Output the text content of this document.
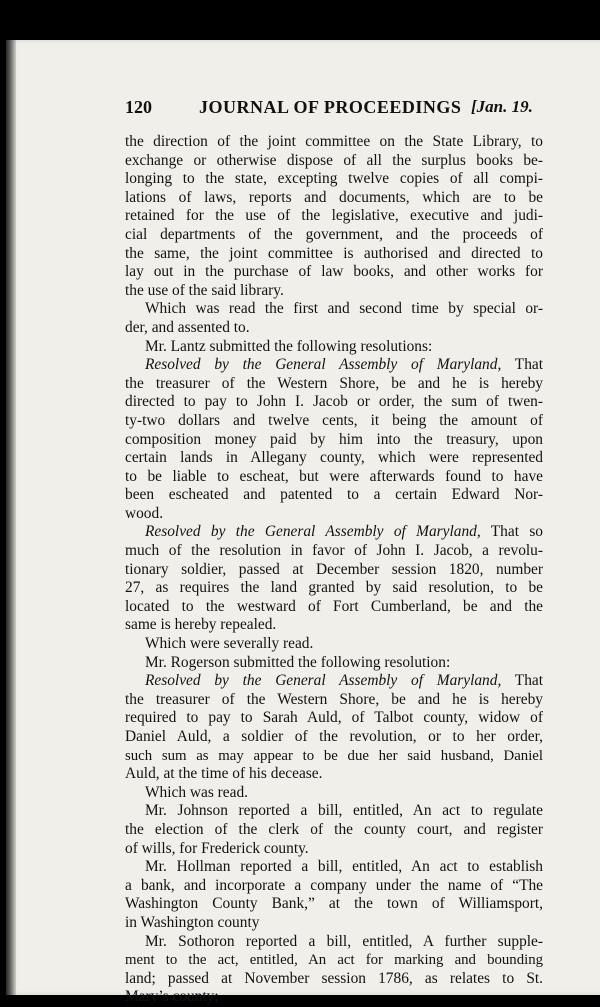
120	JOURNAL OF PROCEEDINGS [Jan. 19.
the direction of the joint committee on the State Library, to
exchange or otherwise dispose of all the surplus books be-
longing to the state, excepting twelve copies of all compi-
lations of laws, reports and documents, which are to be
retained for the use of the legislative, executive and judi-
cial departments of the government, and the proceeds of
the same, the joint committee is authorised and directed to
lay out in the purchase of law books, and other works for
the use of the said library.
Which was read the first and second time by special or-
der, and assented to.
Mr. Lantz submitted the following resolutions:
Resolved by the General Assembly of Maryland, That
the treasurer of the Western Shore, be and he is hereby
directed to pay to John I. Jacob or order, the sum of twen-
ty-two dollars and twelve cents, it being the amount of
composition money paid by him into the treasury, upon
certain lands in Allegany county, which were represented
to be liable to escheat, but were afterwards found to have
been escheated and patented to a certain Edward Nor-
wood.
Resolved by the General Assembly of Maryland, That so
much of the resolution in favor of John I. Jacob, a revolu-
tionary soldier, passed at December session 1820, number
27, as requires the land granted by said resolution, to be
located to the westward of Fort Cumberland, be and the
same is hereby repealed.
Which were severally read.
Mr. Rogerson submitted the following resolution:
Resolved by the General Assembly of Maryland, That
the treasurer of the Western Shore, be and he is hereby
required to pay to Sarah Auld, of Talbot county, widow of
Daniel Auld, a soldier of the revolution, or to her order,
such sum as may appear to be due her said husband, Daniel
Auld, at the time of his decease.
Which was read.
Mr. Johnson reported a bill, entitled, An act to regulate
the election of the clerk of the county court, and register
of wills, for Frederick county.
Mr. Hollman reported a bill, entitled, An act to establish
a bank, and incorporate a company under the name of “The
Washington County Bank,” at the town of Williamsport,
in Washington county
Mr. Sothoron reported a bill, entitled, A further supple-
ment to the act, entitled, An act for marking and bounding
land; passed at November session 1786, as relates to St.
Mary’s county;
